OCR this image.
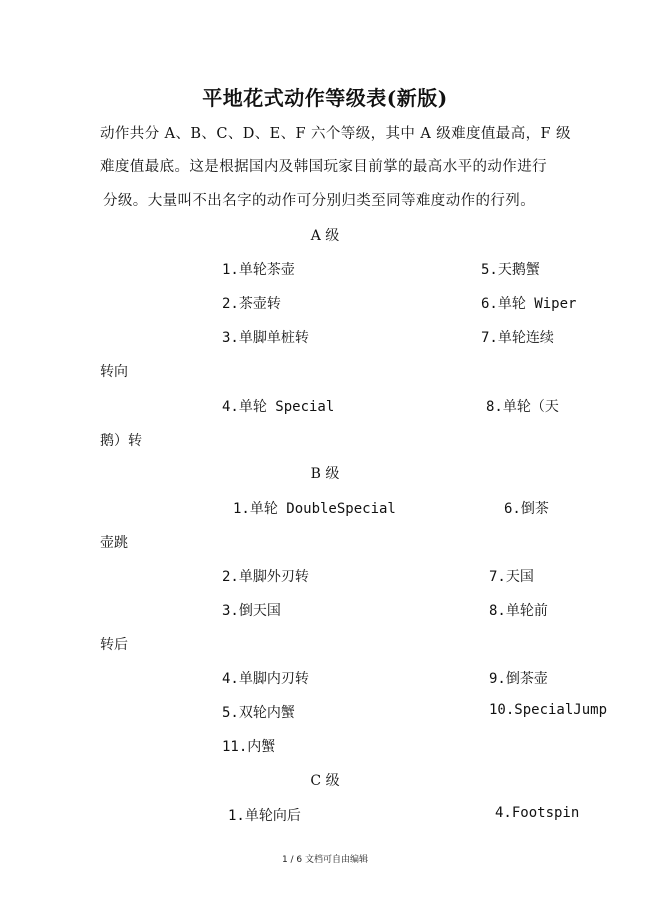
平地花式动作等级表(新版)
动作共分 A、B、C、D、E、F 六个等级，其中 A 级难度值最高，F 级
难度值最底。这是根据国内及韩国玩家目前掌的最高水平的动作进行
分级。大量叫不出名字的动作可分别归类至同等难度动作的行列。
A 级
1.单轮茶壶	5.天鹅蟹
2.茶壶转	6.单轮 Wiper
3.单脚单桩转	7.单轮连续
转向
4.单轮 Special	8.单轮（天
鹅）转
B 级
1.单轮 DoubleSpecial	6.倒茶
壶跳
2.单脚外刃转	7.天国
3.倒天国	8.单轮前
转后
4.单脚内刃转	9.倒茶壶
5.双轮内蟹	10.SpecialJump
11.内蟹
C 级
1.单轮向后	4.Footspin
1 / 6 文档可自由编辑
